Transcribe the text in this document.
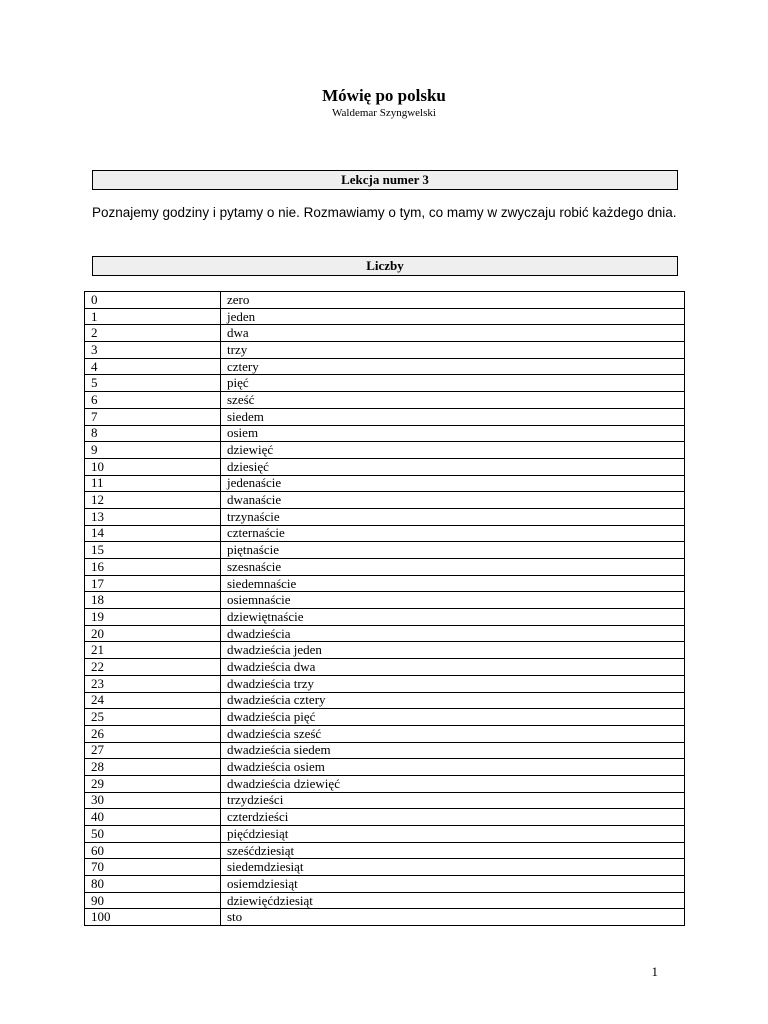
Mówię po polsku
Waldemar Szyngwelski
Lekcja numer 3
Poznajemy godziny i pytamy o nie. Rozmawiamy o tym, co mamy w zwyczaju robić każdego dnia.
Liczby
0	zero
1	jeden
2	dwa
3	trzy
4	cztery
5	pięć
6	sześć
7	siedem
8	osiem
9	dziewięć
10	dziesięć
11	jedenaście
12	dwanaście
13	trzynaście
14	czternaście
15	piętnaście
16	szesnaście
17	siedemnaście
18	osiemnaście
19	dziewiętnaście
20	dwadzieścia
21	dwadzieścia jeden
22	dwadzieścia dwa
23	dwadzieścia trzy
24	dwadzieścia cztery
25	dwadzieścia pięć
26	dwadzieścia sześć
27	dwadzieścia siedem
28	dwadzieścia osiem
29	dwadzieścia dziewięć
30	trzydzieści
40	czterdzieści
50	pięćdziesiąt
60	sześćdziesiąt
70	siedemdziesiąt
80	osiemdziesiąt
90	dziewięćdziesiąt
100	sto
1
